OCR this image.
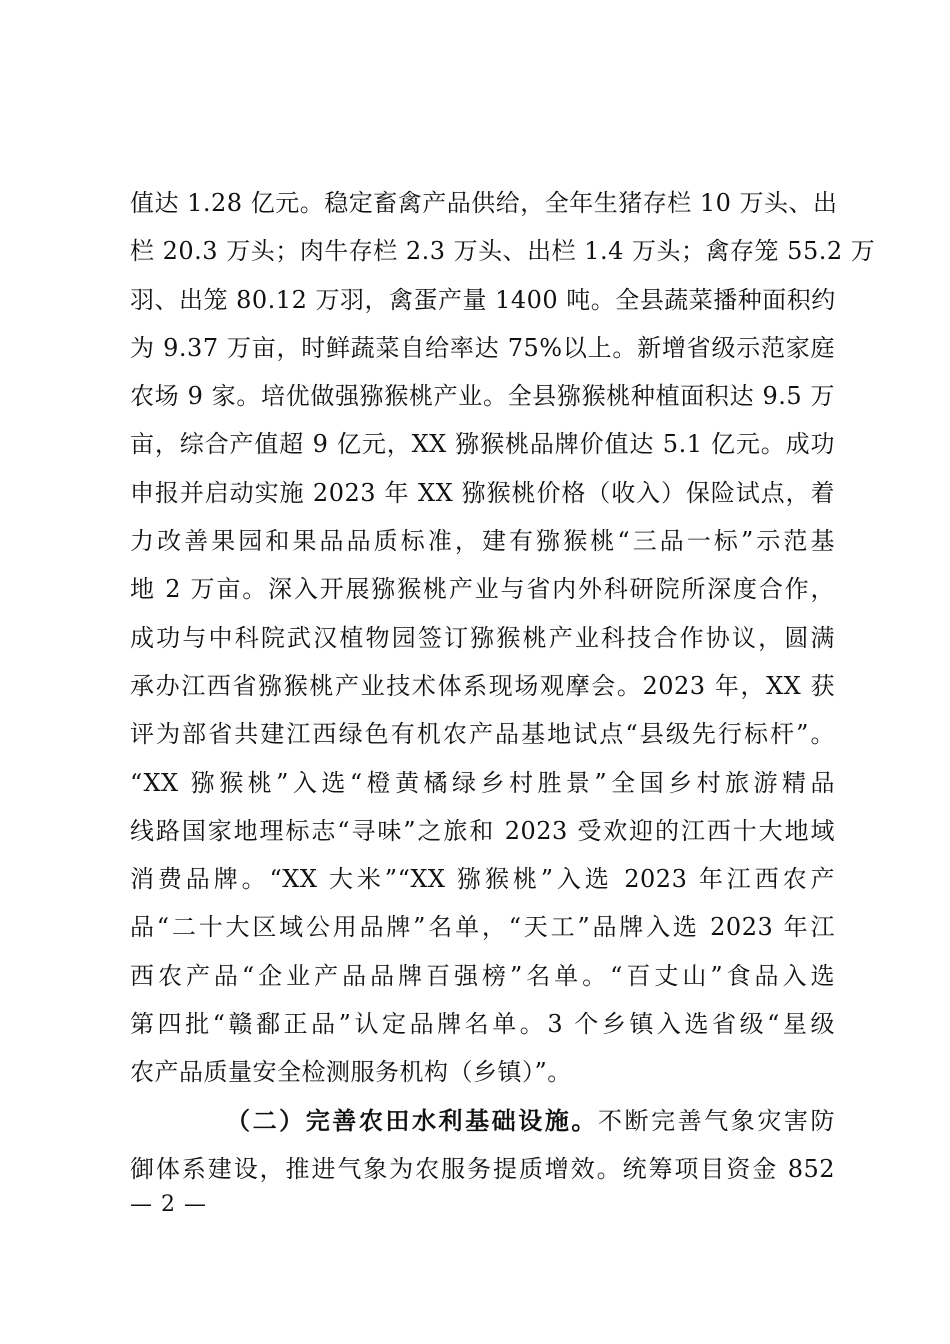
值达 1.28 亿元。稳定畜禽产品供给，全年生猪存栏 10 万头、出
栏 20.3 万头；肉牛存栏 2.3 万头、出栏 1.4 万头；禽存笼 55.2 万
羽、出笼 80.12 万羽，禽蛋产量 1400 吨。全县蔬菜播种面积约
为 9.37 万亩，时鲜蔬菜自给率达 75%以上。新增省级示范家庭
农场 9 家。培优做强猕猴桃产业。全县猕猴桃种植面积达 9.5 万
亩，综合产值超 9 亿元，XX 猕猴桃品牌价值达 5.1 亿元。成功
申报并启动实施 2023 年 XX 猕猴桃价格（收入）保险试点，着
力改善果园和果品品质标准，建有猕猴桃“三品一标”示范基
地 2 万亩。深入开展猕猴桃产业与省内外科研院所深度合作，
成功与中科院武汉植物园签订猕猴桃产业科技合作协议，圆满
承办江西省猕猴桃产业技术体系现场观摩会。2023 年，XX 获
评为部省共建江西绿色有机农产品基地试点“县级先行标杆”。
“XX 猕猴桃”入选“橙黄橘绿乡村胜景”全国乡村旅游精品
线路国家地理标志“寻味”之旅和 2023 受欢迎的江西十大地域
消费品牌。“XX 大米”“XX 猕猴桃”入选 2023 年江西农产
品“二十大区域公用品牌”名单，“天工”品牌入选 2023 年江
西农产品“企业产品品牌百强榜”名单。“百丈山”食品入选
第四批“赣鄱正品”认定品牌名单。3 个乡镇入选省级“星级
农产品质量安全检测服务机构（乡镇）”。
（二）完善农田水利基础设施。不断完善气象灾害防
御体系建设，推进气象为农服务提质增效。统筹项目资金 852
— 2 —
